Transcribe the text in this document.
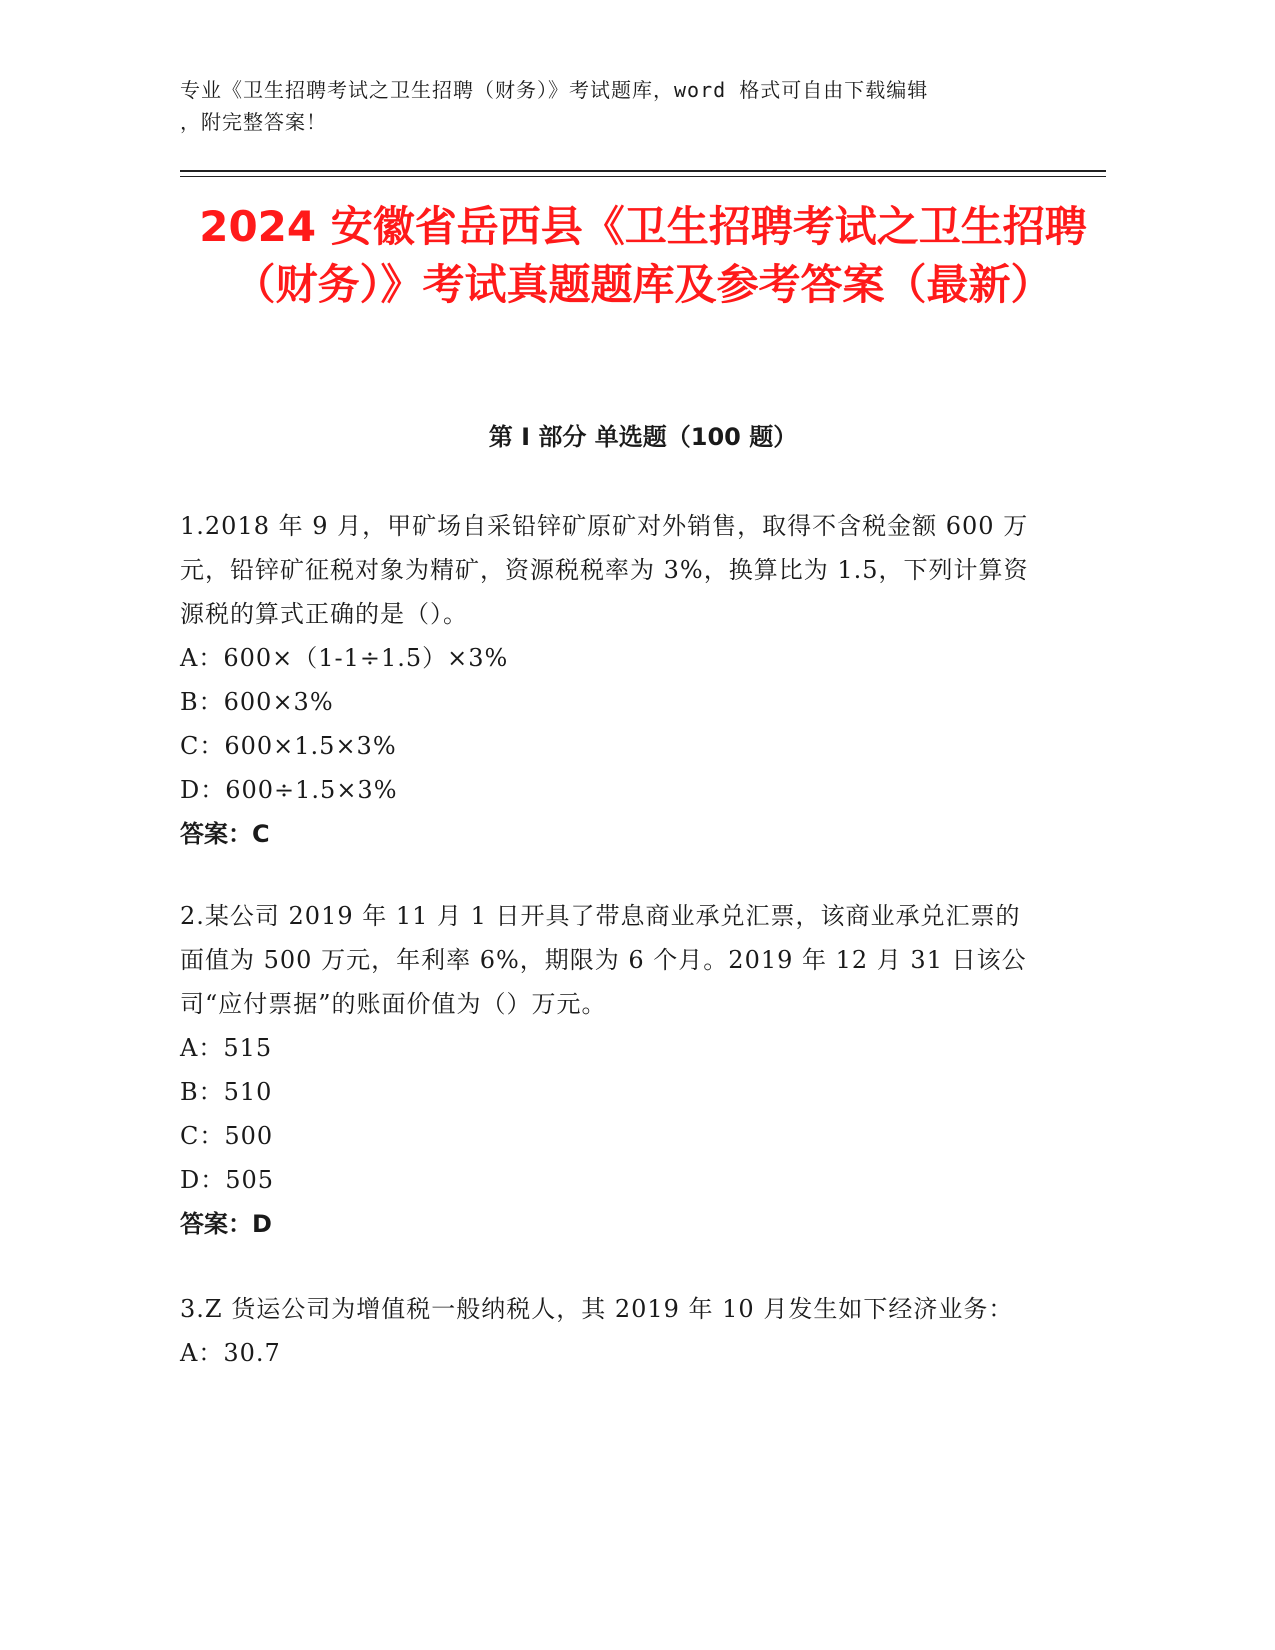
专业《卫生招聘考试之卫生招聘（财务）》考试题库，word 格式可自由下载编辑
，附完整答案！
2024 安徽省岳西县《卫生招聘考试之卫生招聘（财务）》考试真题题库及参考答案（最新）
第 I 部分 单选题（100 题）
1.2018 年 9 月，甲矿场自采铅锌矿原矿对外销售，取得不含税金额 600 万元，铅锌矿征税对象为精矿，资源税税率为 3%，换算比为 1.5，下列计算资源税的算式正确的是（）。
A：600×（1-1÷1.5）×3%
B：600×3%
C：600×1.5×3%
D：600÷1.5×3%
答案：C
2.某公司 2019 年 11 月 1 日开具了带息商业承兑汇票，该商业承兑汇票的面值为 500 万元，年利率 6%，期限为 6 个月。2019 年 12 月 31 日该公司“应付票据”的账面价值为（）万元。
A：515
B：510
C：500
D：505
答案：D
3.Z 货运公司为增值税一般纳税人，其 2019 年 10 月发生如下经济业务：
A：30.7
